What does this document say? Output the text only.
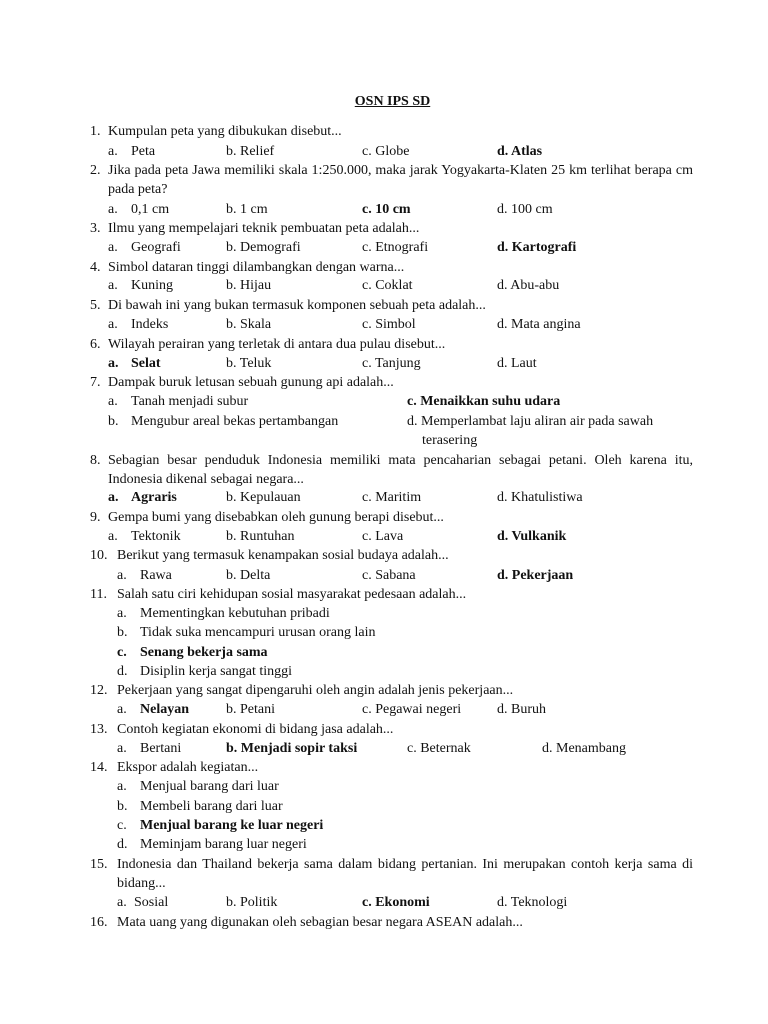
OSN IPS SD
1. Kumpulan peta yang dibukukan disebut...
a. Peta	b. Relief	c. Globe	d. Atlas
2. Jika pada peta Jawa memiliki skala 1:250.000, maka jarak Yogyakarta-Klaten 25 km terlihat berapa cm pada peta?
a. 0,1 cm	b. 1 cm	c. 10 cm	d. 100 cm
3. Ilmu yang mempelajari teknik pembuatan peta adalah...
a. Geografi	b. Demografi	c. Etnografi	d. Kartografi
4. Simbol dataran tinggi dilambangkan dengan warna...
a. Kuning	b. Hijau	c. Coklat	d. Abu-abu
5. Di bawah ini yang bukan termasuk komponen sebuah peta adalah...
a. Indeks	b. Skala	c. Simbol	d. Mata angina
6. Wilayah perairan yang terletak di antara dua pulau disebut...
a. Selat	b. Teluk	c. Tanjung	d. Laut
7. Dampak buruk letusan sebuah gunung api adalah...
a. Tanah menjadi subur	c. Menaikkan suhu udara
b. Mengubur areal bekas pertambangan	d. Memperlambat laju aliran air pada sawah
terasering
8. Sebagian besar penduduk Indonesia memiliki mata pencaharian sebagai petani. Oleh karena itu, Indonesia dikenal sebagai negara...
a. Agraris	b. Kepulauan	c. Maritim	d. Khatulistiwa
9. Gempa bumi yang disebabkan oleh gunung berapi disebut...
a. Tektonik	b. Runtuhan	c. Lava	d. Vulkanik
10. Berikut yang termasuk kenampakan sosial budaya adalah...
a. Rawa	b. Delta	c. Sabana	d. Pekerjaan
11. Salah satu ciri kehidupan sosial masyarakat pedesaan adalah...
a. Mementingkan kebutuhan pribadi
b. Tidak suka mencampuri urusan orang lain
c. Senang bekerja sama
d. Disiplin kerja sangat tinggi
12. Pekerjaan yang sangat dipengaruhi oleh angin adalah jenis pekerjaan...
a. Nelayan	b. Petani	c. Pegawai negeri	d. Buruh
13. Contoh kegiatan ekonomi di bidang jasa adalah...
a. Bertani	b. Menjadi sopir taksi	c. Beternak	d. Menambang
14. Ekspor adalah kegiatan...
a. Menjual barang dari luar
b. Membeli barang dari luar
c. Menjual barang ke luar negeri
d. Meminjam barang luar negeri
15. Indonesia dan Thailand bekerja sama dalam bidang pertanian. Ini merupakan contoh kerja sama di bidang...
a. Sosial	b. Politik	c. Ekonomi	d. Teknologi
16. Mata uang yang digunakan oleh sebagian besar negara ASEAN adalah...
